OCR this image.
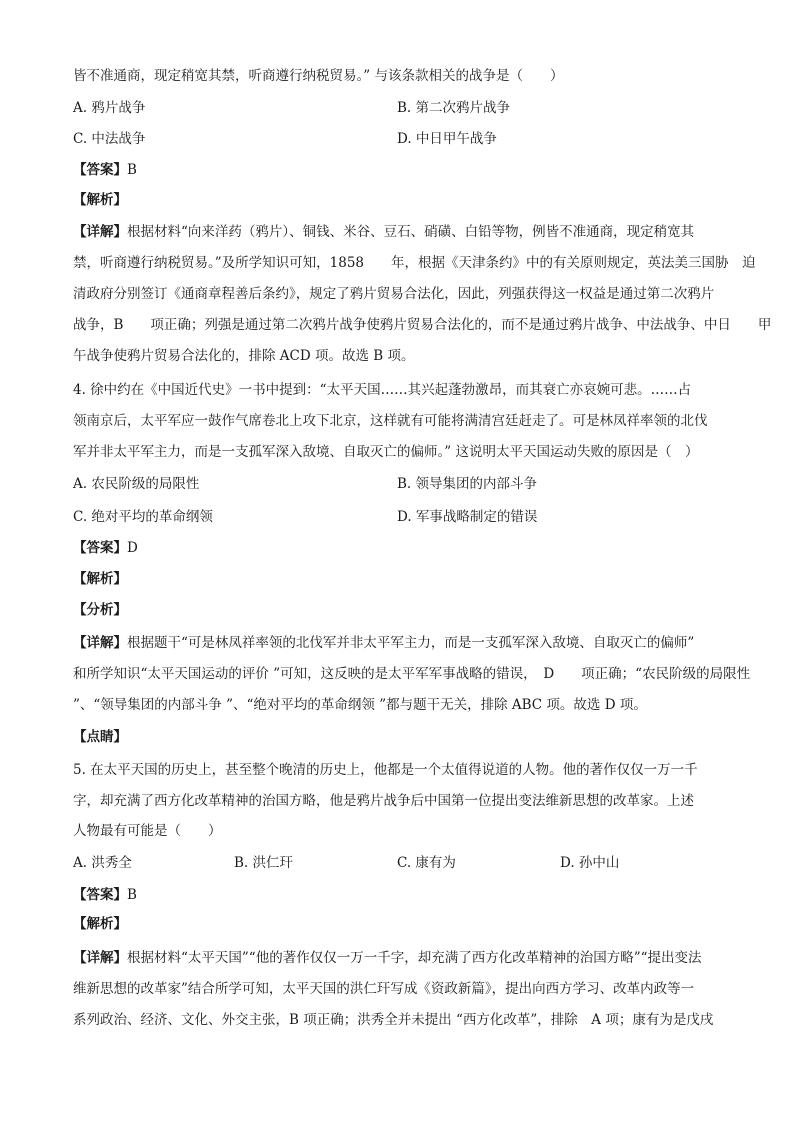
皆不准通商，现定稍宽其禁，听商遵行纳税贸易。” 与该条款相关的战争是（　　）
A. 鸦片战争	B. 第二次鸦片战争
C. 中法战争	D. 中日甲午战争
【答案】B
【解析】
【详解】根据材料“向来洋药（鸦片）、铜钱、米谷、豆石、硝磺、白铅等物，例皆不准通商，现定稍宽其
禁，听商遵行纳税贸易。”及所学知识可知，1858　　年，根据《天津条约》中的有关原则规定，英法美三国胁　迫
清政府分别签订《通商章程善后条约》，规定了鸦片贸易合法化，因此，列强获得这一权益是通过第二次鸦片
战争，B　　项正确；列强是通过第二次鸦片战争使鸦片贸易合法化的，而不是通过鸦片战争、中法战争、中日　　甲
午战争使鸦片贸易合法化的，排除 ACD 项。故选 B 项。
4. 徐中约在《中国近代史》一书中提到：“太平天国……其兴起蓬勃激昂，而其衰亡亦哀婉可悲。……占
领南京后，太平军应一鼓作气席卷北上攻下北京，这样就有可能将满清宫廷赶走了。可是林凤祥率领的北伐
军并非太平军主力，而是一支孤军深入敌境、自取灭亡的偏师。” 这说明太平天国运动失败的原因是（　）
A. 农民阶级的局限性	B. 领导集团的内部斗争
C. 绝对平均的革命纲领	D. 军事战略制定的错误
【答案】D
【解析】
【分析】
【详解】根据题干“可是林凤祥率领的北伐军并非太平军主力，而是一支孤军深入敌境、自取灭亡的偏师”
和所学知识“太平天国运动的评价 ”可知，这反映的是太平军军事战略的错误，　D　　项正确；“农民阶级的局限性
”、“领导集团的内部斗争 ”、“绝对平均的革命纲领 ”都与题干无关，排除 ABC 项。故选 D 项。
【点睛】
5. 在太平天国的历史上，甚至整个晚清的历史上，他都是一个太值得说道的人物。他的著作仅仅一万一千
字，却充满了西方化改革精神的治国方略，他是鸦片战争后中国第一位提出变法维新思想的改革家。上述
人物最有可能是（　　）
A. 洪秀全	B. 洪仁玕	C. 康有为	D. 孙中山
【答案】B
【解析】
【详解】根据材料“太平天国”“他的著作仅仅一万一千字，却充满了西方化改革精神的治国方略”“提出变法
维新思想的改革家”结合所学可知，太平天国的洪仁玕写成《资政新篇》，提出向西方学习、改革内政等一
系列政治、经济、文化、外交主张，B 项正确；洪秀全并未提出 “西方化改革”，排除　A 项；康有为是戊戌
